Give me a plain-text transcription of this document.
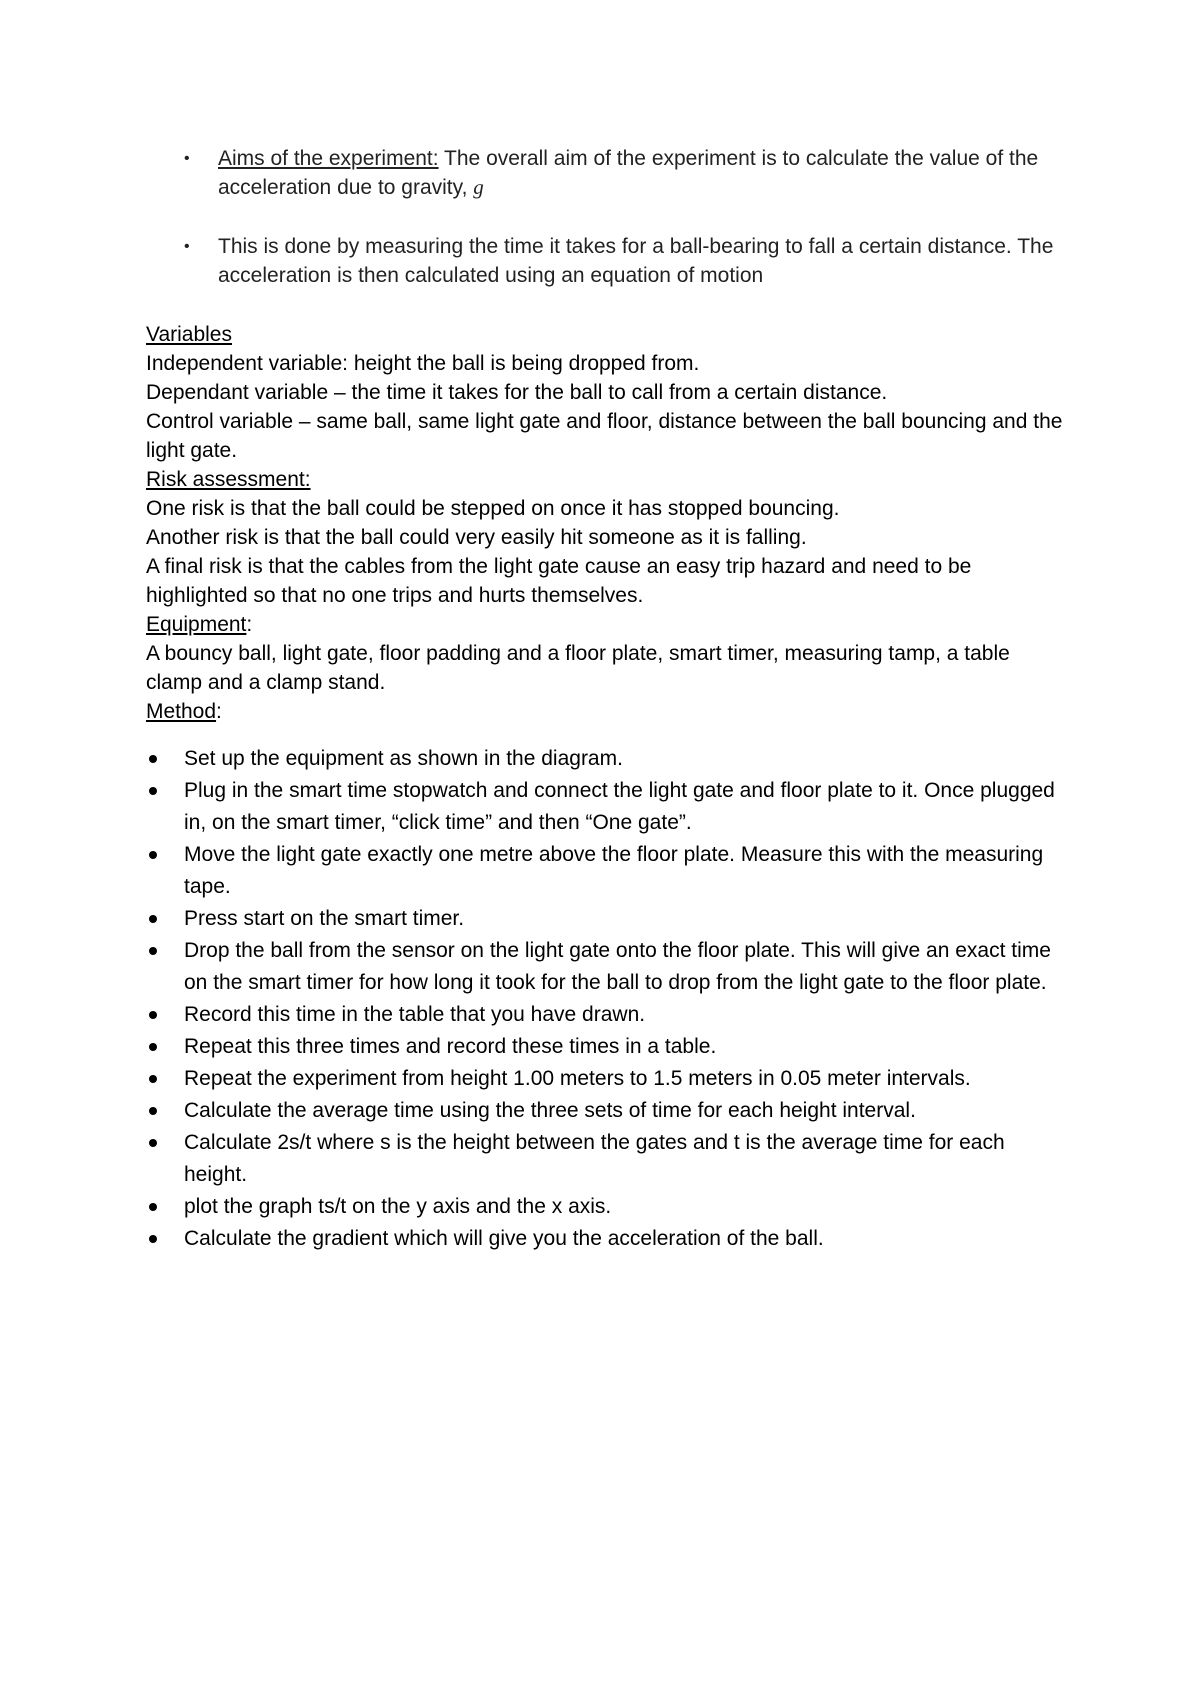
• Aims of the experiment: The overall aim of the experiment is to calculate the value of the acceleration due to gravity, g
• This is done by measuring the time it takes for a ball-bearing to fall a certain distance. The acceleration is then calculated using an equation of motion

Variables

Independent variable: height the ball is being dropped from.

Dependant variable – the time it takes for the ball to call from a certain distance.

Control variable – same ball, same light gate and floor, distance between the ball bouncing and the light gate.

Risk assessment:

One risk is that the ball could be stepped on once it has stopped bouncing.

Another risk is that the ball could very easily hit someone as it is falling.

A final risk is that the cables from the light gate cause an easy trip hazard and need to be highlighted so that no one trips and hurts themselves.

Equipment:

A bouncy ball, light gate, floor padding and a floor plate, smart timer, measuring tamp, a table clamp and a clamp stand.

Method:

Set up the equipment as shown in the diagram.
Plug in the smart time stopwatch and connect the light gate and floor plate to it. Once plugged in, on the smart timer, “click time” and then “One gate”.
Move the light gate exactly one metre above the floor plate. Measure this with the measuring tape.
Press start on the smart timer.
Drop the ball from the sensor on the light gate onto the floor plate. This will give an exact time on the smart timer for how long it took for the ball to drop from the light gate to the floor plate.
Record this time in the table that you have drawn.
Repeat this three times and record these times in a table.
Repeat the experiment from height 1.00 meters to 1.5 meters in 0.05 meter intervals.
Calculate the average time using the three sets of time for each height interval.
Calculate 2s/t where s is the height between the gates and t is the average time for each height.
plot the graph ts/t on the y axis and the x axis.
Calculate the gradient which will give you the acceleration of the ball.
